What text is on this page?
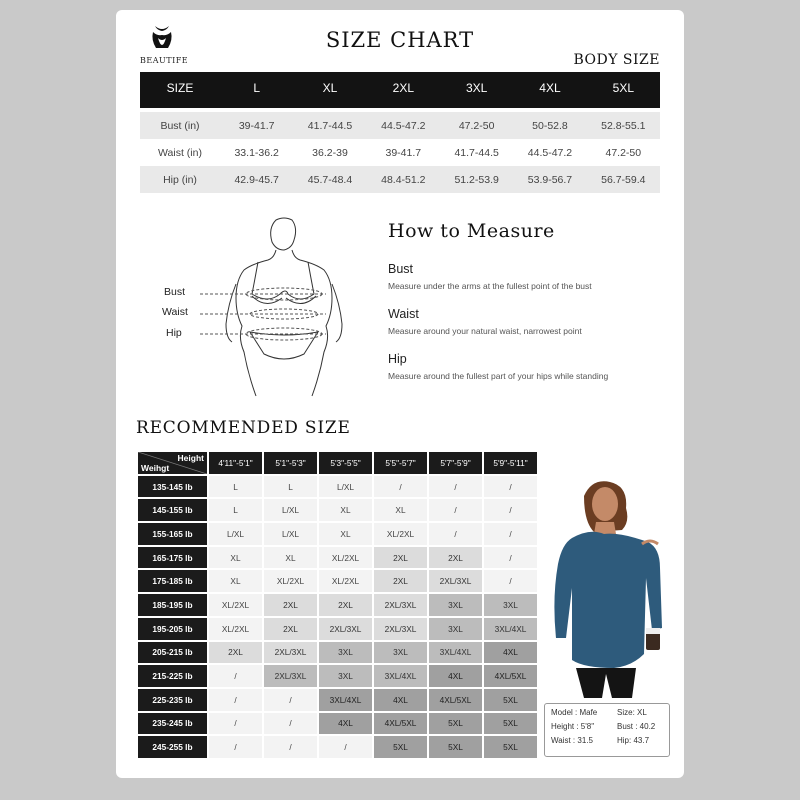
BEAUTIFE
SIZE CHART
BODY SIZE
SIZE	L	XL	2XL	3XL	4XL	5XL

Bust (in)	39-41.7	41.7-44.5	44.5-47.2	47.2-50	50-52.8	52.8-55.1
Waist (in)	33.1-36.2	36.2-39	39-41.7	41.7-44.5	44.5-47.2	47.2-50
Hip (in)	42.9-45.7	45.7-48.4	48.4-51.2	51.2-53.9	53.9-56.7	56.7-59.4
Bust
Waist
Hip
How to Measure
Bust
Measure under the arms at the fullest point of the bust
Waist
Measure around your natural waist, narrowest point
Hip
Measure around the fullest part of your hips while standing
RECOMMENDED SIZE
Height
Weihgt	4'11"-5'1"	5'1"-5'3"	5'3"-5'5"	5'5"-5'7"	5'7"-5'9"	5'9"-5'11"
135-145 lb	L	L	L/XL	/	/	/
145-155 lb	L	L/XL	XL	XL	/	/
155-165 lb	L/XL	L/XL	XL	XL/2XL	/	/
165-175 lb	XL	XL	XL/2XL	2XL	2XL	/
175-185 lb	XL	XL/2XL	XL/2XL	2XL	2XL/3XL	/
185-195 lb	XL/2XL	2XL	2XL	2XL/3XL	3XL	3XL
195-205 lb	XL/2XL	2XL	2XL/3XL	2XL/3XL	3XL	3XL/4XL
205-215 lb	2XL	2XL/3XL	3XL	3XL	3XL/4XL	4XL
215-225 lb	/	2XL/3XL	3XL	3XL/4XL	4XL	4XL/5XL
225-235 lb	/	/	3XL/4XL	4XL	4XL/5XL	5XL
235-245 lb	/	/	4XL	4XL/5XL	5XL	5XL
245-255 lb	/	/	/	5XL	5XL	5XL
Model : Mafe
Height : 5'8''
Waist : 31.5
Size: XL
Bust : 40.2
Hip: 43.7
